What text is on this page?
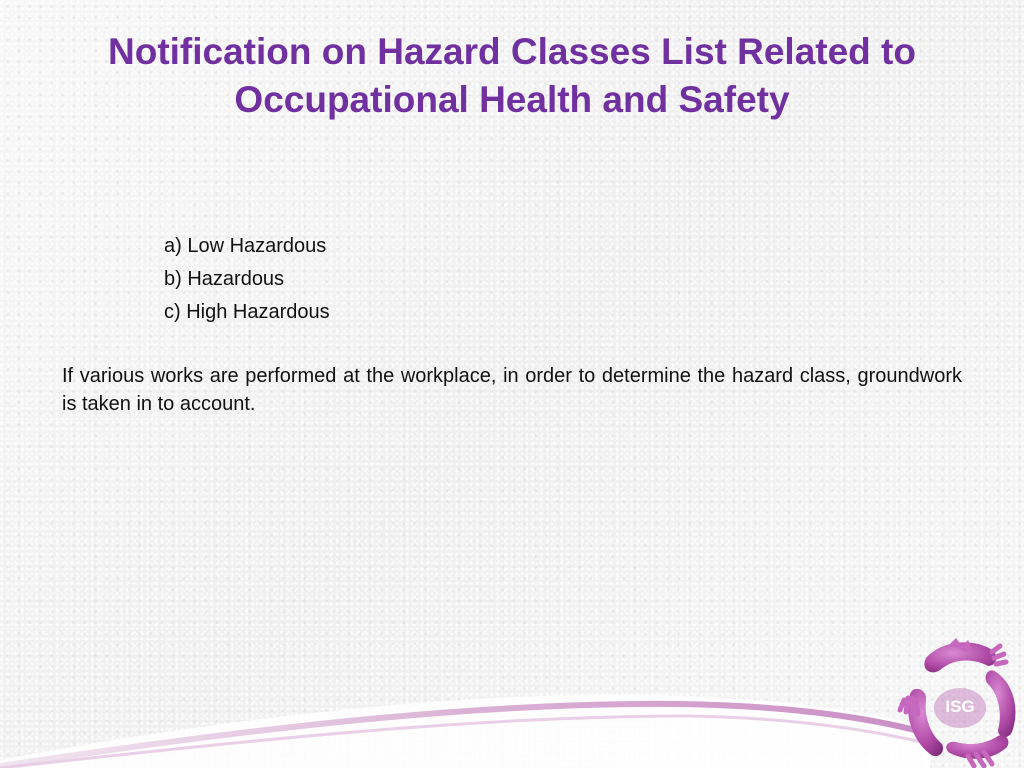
Notification on Hazard Classes List Related to Occupational Health and Safety
a) Low Hazardous
b) Hazardous
c) High Hazardous

If various works are performed at the workplace, in order to determine the hazard class, groundwork is taken in to account.

ISG
